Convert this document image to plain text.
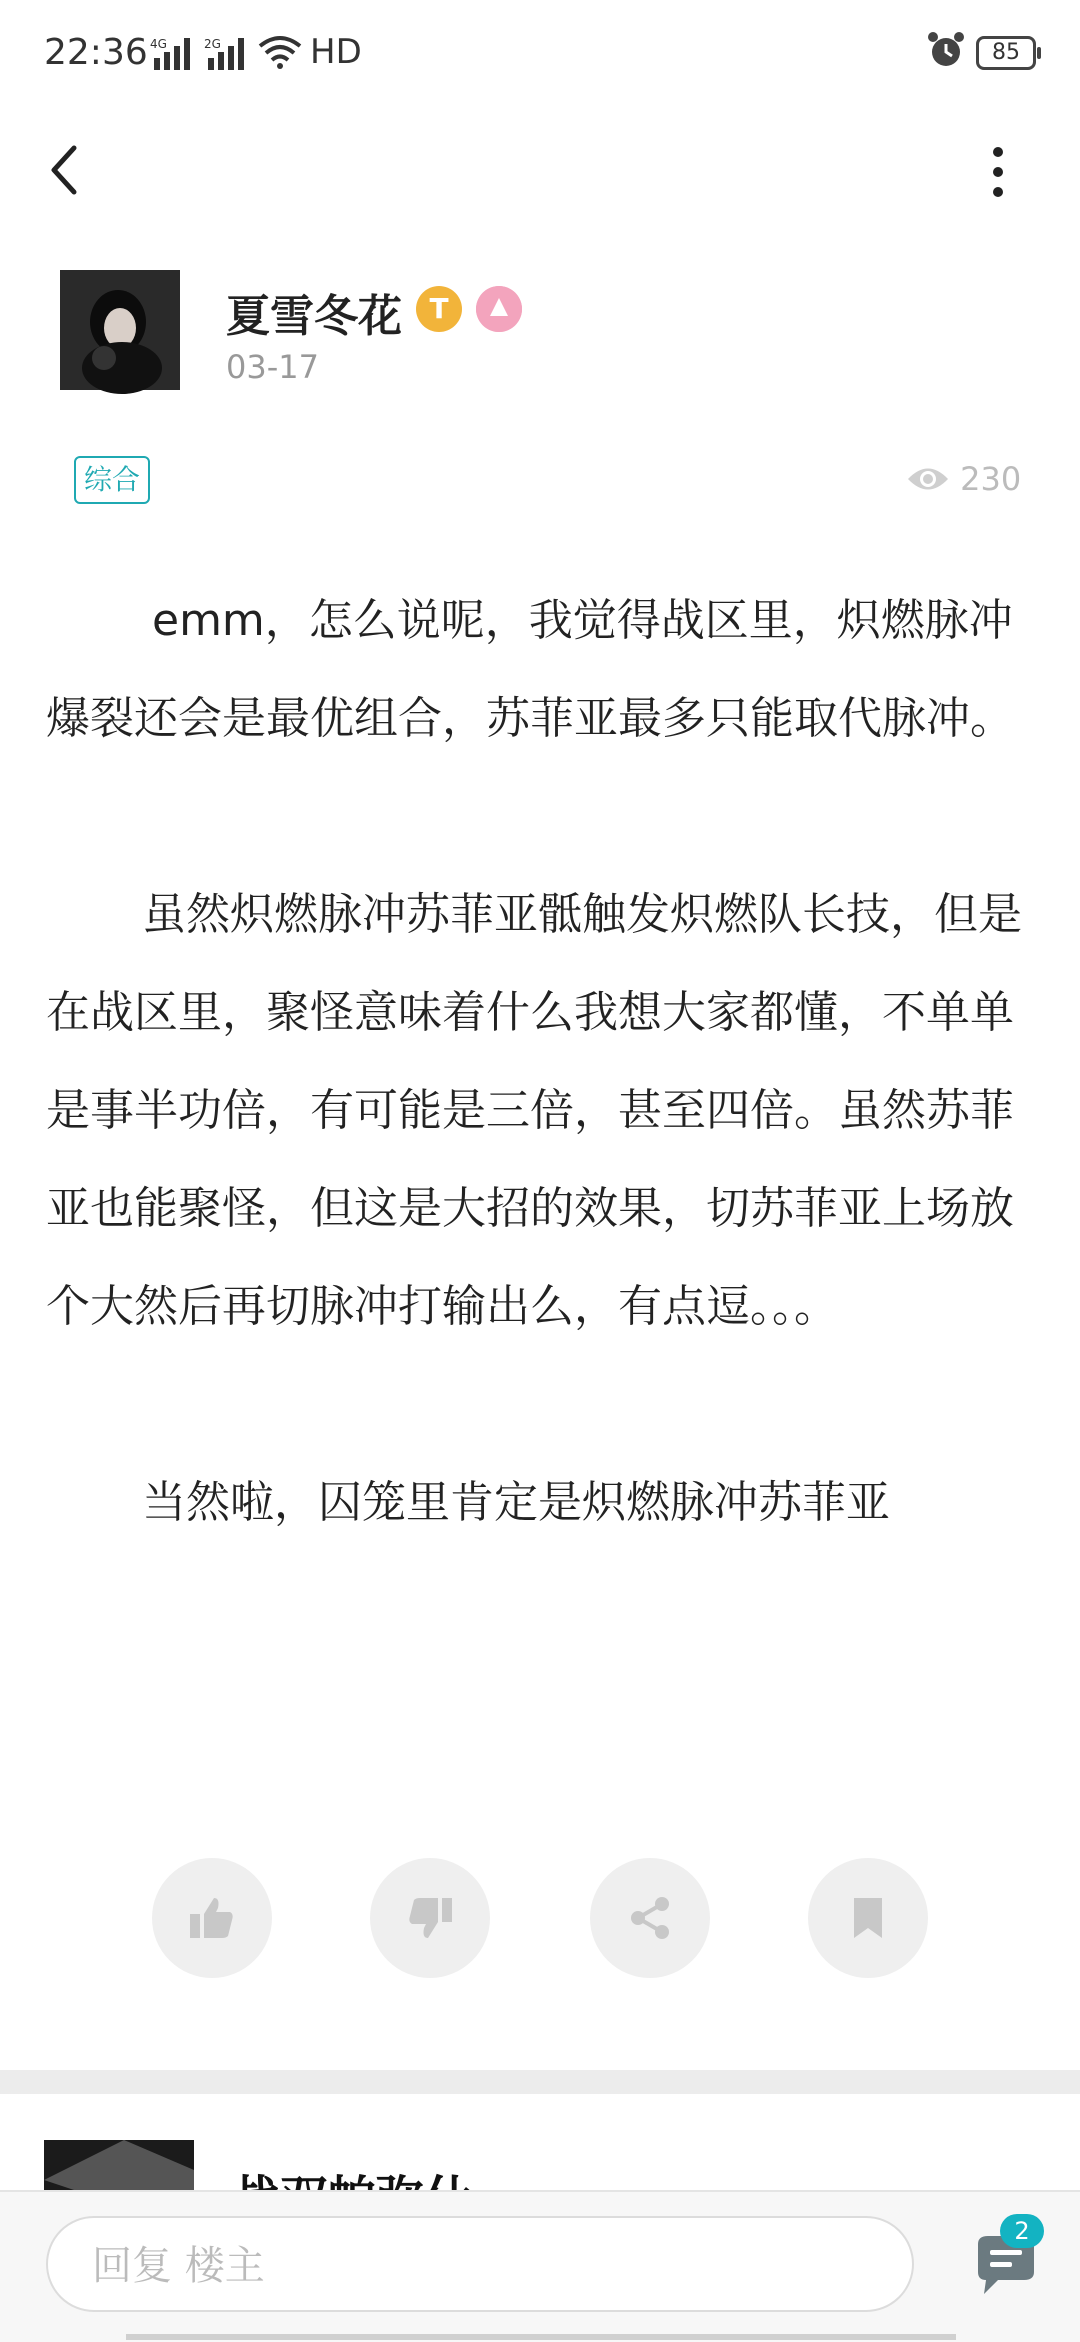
22:36 4G	2G	HD	85
夏雪冬花 T
03-17
综合	230

emm，怎么说呢，我觉得战区里，炽燃脉冲爆裂还会是最优组合，苏菲亚最多只能取代脉冲。

虽然炽燃脉冲苏菲亚骶触发炽燃队长技，但是在战区里，聚怪意味着什么我想大家都懂，不单单是事半功倍，有可能是三倍，甚至四倍。虽然苏菲亚也能聚怪，但这是大招的效果，切苏菲亚上场放个大然后再切脉冲打输出么，有点逗。。。

当然啦，囚笼里肯定是炽燃脉冲苏菲亚

回复 楼主
2
